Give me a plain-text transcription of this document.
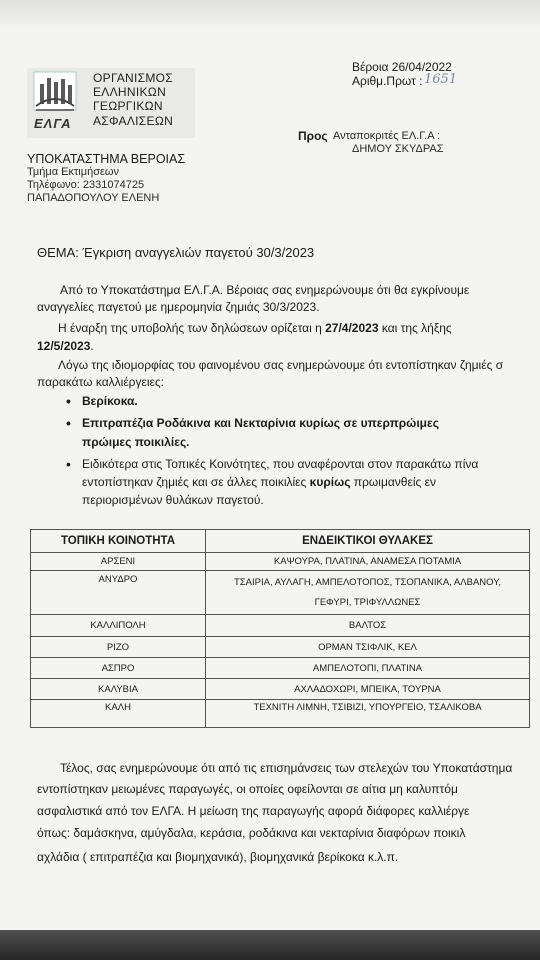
Βέροια 26/04/2022
Αριθμ.Πρωτ : 1651
ΕΛΓΑ
ΟΡΓΑΝΙΣΜΟΣ
ΕΛΛΗΝΙΚΩΝ
ΓΕΩΡΓΙΚΩΝ
ΑΣΦΑΛΙΣΕΩΝ
ΥΠΟΚΑΤΑΣΤΗΜΑ ΒΕΡΟΙΑΣ
Τμήμα Εκτιμήσεων
Τηλέφωνο: 2331074725
ΠΑΠΑΔΟΠΟΥΛΟΥ ΕΛΕΝΗ
Προς Ανταποκριτές ΕΛ.Γ.Α :
ΔΗΜΟΥ ΣΚΥΔΡΑΣ
ΘΕΜΑ: Έγκριση αναγγελιών παγετού 30/3/2023
Από το Υποκατάστημα ΕΛ.Γ.Α. Βέροιας σας ενημερώνουμε ότι θα εγκρίνουμε
αναγγελίες παγετού με ημερομηνία ζημιάς 30/3/2023.
Η έναρξη της υποβολής των δηλώσεων ορίζεται η 27/4/2023 και της λήξης
12/5/2023.
Λόγω της ιδιομορφίας του φαινομένου σας ενημερώνουμε ότι εντοπίστηκαν ζημιές σ
παρακάτω καλλιέργειες:
• Βερίκοκα.
• Επιτραπέζια Ροδάκινα και Νεκταρίνια κυρίως σε υπερπρώιμες
πρώιμες ποικιλίες.
• Ειδικότερα στις Τοπικές Κοινότητες, που αναφέρονται στον παρακάτω πίνα
εντοπίστηκαν ζημιές και σε άλλες ποικιλίες κυρίως πρωιμανθείς εν
περιορισμένων θυλάκων παγετού.
ΤΟΠΙΚΗ ΚΟΙΝΟΤΗΤΑ	ΕΝΔΕΙΚΤΙΚΟΙ ΘΥΛΑΚΕΣ
ΑΡΣΕΝΙ	ΚΑΨΟΥΡΑ, ΠΛΑΤΙΝΑ, ΑΝΑΜΕΣΑ ΠΟΤΑΜΙΑ
ΑΝΥΔΡΟ	ΤΣΑΙΡΙΑ, ΑΥΛΑΓΗ, ΑΜΠΕΛΟΤΟΠΟΣ, ΤΣΟΠΑΝΙΚΑ, ΑΛΒΑΝΟΥ,
ΓΕΦΥΡΙ, ΤΡΙΦΥΛΛΩΝΕΣ
ΚΑΛΛΙΠΟΛΗ	ΒΑΛΤΟΣ
ΡΙΖΟ	ΟΡΜΑΝ ΤΣΙΦΛΙΚ, ΚΕΛ
ΑΣΠΡΟ	ΑΜΠΕΛΟΤΟΠΙ, ΠΛΑΤΙΝΑ
ΚΑΛΥΒΙΑ	ΑΧΛΑΔΟΧΩΡΙ, ΜΠΕΙΚΑ, ΤΟΥΡΝΑ
ΚΑΛΗ	ΤΕΧΝΙΤΗ ΛΙΜΝΗ, ΤΣΙΒΙΖΙ, ΥΠΟΥΡΓΕΙΟ, ΤΣΑΛΙΚΟΒΑ
Τέλος, σας ενημερώνουμε ότι από τις επισημάνσεις των στελεχών του Υποκατάστημα
εντοπίστηκαν μειωμένες παραγωγές, οι οποίες οφείλονται σε αίτια μη καλυπτόμ
ασφαλιστικά από τον ΕΛΓΑ. Η μείωση της παραγωγής αφορά διάφορες καλλιέργε
όπως: δαμάσκηνα, αμύγδαλα, κεράσια, ροδάκινα και νεκταρίνια διαφόρων ποικιλ
αχλάδια ( επιτραπέζια και βιομηχανικά), βιομηχανικά βερίκοκα κ.λ.π.
